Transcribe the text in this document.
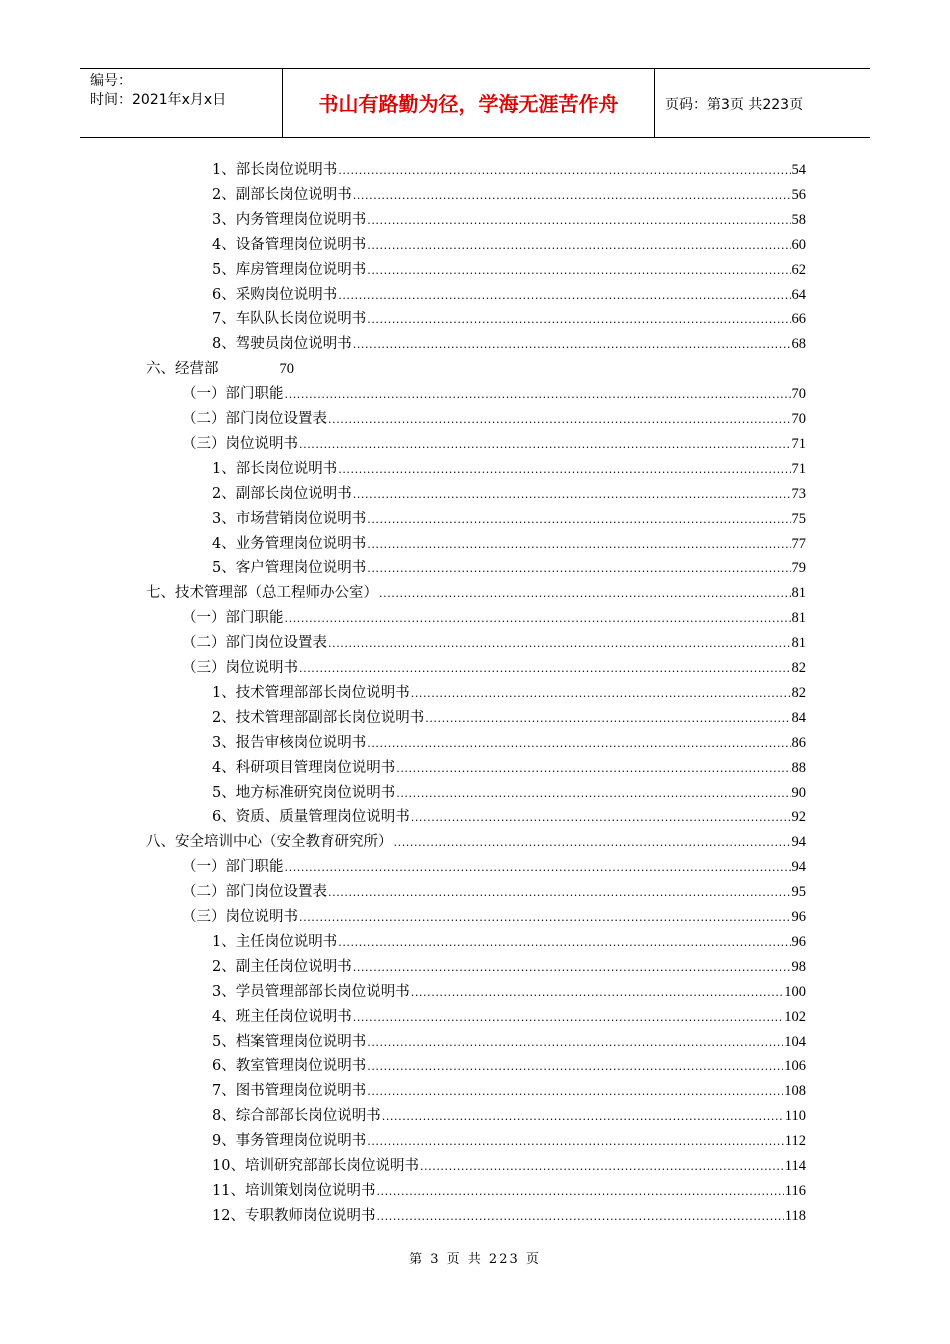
编号：
时间：2021年x月x日	书山有路勤为径，学海无涯苦作舟	页码：第3页 共223页
1、部长岗位说明书 .....	54
2、副部长岗位说明书 .....	56
3、内务管理岗位说明书 .....	58
4、设备管理岗位说明书 .....	60
5、库房管理岗位说明书 .....	62
6、采购岗位说明书 .....	64
7、车队队长岗位说明书 .....	66
8、驾驶员岗位说明书 .....	68
六、经营部	70
（一）部门职能 .....	70
（二）部门岗位设置表 .....	70
（三）岗位说明书 .....	71
1、部长岗位说明书 .....	71
2、副部长岗位说明书 .....	73
3、市场营销岗位说明书 .....	75
4、业务管理岗位说明书 .....	77
5、客户管理岗位说明书 .....	79
七、技术管理部（总工程师办公室） .....	81
（一）部门职能 .....	81
（二）部门岗位设置表 .....	81
（三）岗位说明书 .....	82
1、技术管理部部长岗位说明书 .....	82
2、技术管理部副部长岗位说明书 .....	84
3、报告审核岗位说明书 .....	86
4、科研项目管理岗位说明书 .....	88
5、地方标准研究岗位说明书 .....	90
6、资质、质量管理岗位说明书 .....	92
八、安全培训中心（安全教育研究所） .....	94
（一）部门职能 .....	94
（二）部门岗位设置表 .....	95
（三）岗位说明书 .....	96
1、主任岗位说明书 .....	96
2、副主任岗位说明书 .....	98
3、学员管理部部长岗位说明书 .....	100
4、班主任岗位说明书 .....	102
5、档案管理岗位说明书 .....	104
6、教室管理岗位说明书 .....	106
7、图书管理岗位说明书 .....	108
8、综合部部长岗位说明书 .....	110
9、事务管理岗位说明书 .....	112
10、培训研究部部长岗位说明书 .....	114
11、培训策划岗位说明书 .....	116
12、专职教师岗位说明书 .....	118
第 3 页 共 223 页
